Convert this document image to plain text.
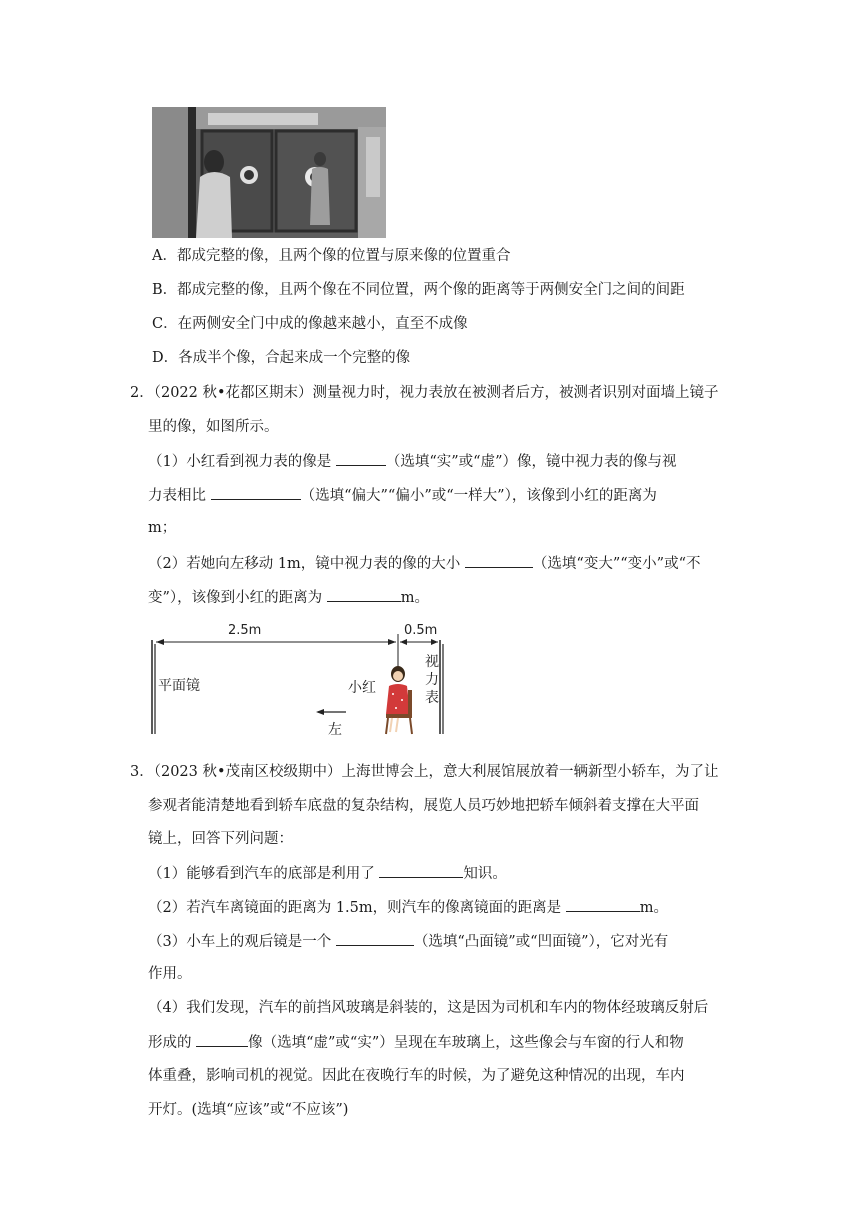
A．都成完整的像，且两个像的位置与原来像的位置重合
B．都成完整的像，且两个像在不同位置，两个像的距离等于两侧安全门之间的间距
C．在两侧安全门中成的像越来越小，直至不成像
D．各成半个像，合起来成一个完整的像
2．（2022 秋•花都区期末）测量视力时，视力表放在被测者后方，被测者识别对面墙上镜子
里的像，如图所示。
（1）小红看到视力表的像是	（选填“实”或“虚”）像，镜中视力表的像与视
力表相比	（选填“偏大”“偏小”或“一样大”），该像到小红的距离为
m；
（2）若她向左移动 1m，镜中视力表的像的大小	（选填“变大”“变小”或“不
变”），该像到小红的距离为	m。
2.5m	0.5m
平面镜	小红
视
力
表
左
3．（2023 秋•茂南区校级期中）上海世博会上，意大利展馆展放着一辆新型小轿车，为了让
参观者能清楚地看到轿车底盘的复杂结构，展览人员巧妙地把轿车倾斜着支撑在大平面
镜上，回答下列问题：
（1）能够看到汽车的底部是利用了	知识。
（2）若汽车离镜面的距离为 1.5m，则汽车的像离镜面的距离是	m。
（3）小车上的观后镜是一个	（选填“凸面镜”或“凹面镜”），它对光有
作用。
（4）我们发现，汽车的前挡风玻璃是斜装的，这是因为司机和车内的物体经玻璃反射后
形成的	像（选填“虚”或“实”）呈现在车玻璃上，这些像会与车窗的行人和物
体重叠，影响司机的视觉。因此在夜晚行车的时候，为了避免这种情况的出现，车内
开灯。(选填“应该”或“不应该”)
